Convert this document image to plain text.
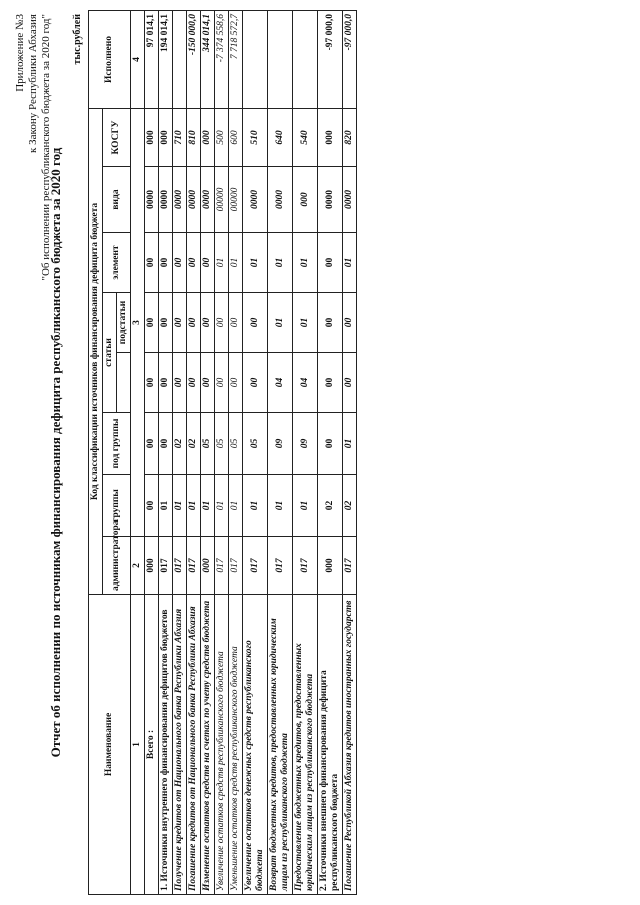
Приложение №3 к Закону Республики Абхазия "Об исполнении республиканского бюджета за 2020 год"
Отчет об исполнении по источникам финансирования дефицита республиканского бюджета за 2020 год
тыс.рублей
Наименование	Код классификации источников финансирования дефицита бюджета								Исполнено
	администратора	группы	под группы	статьи		элемент	вида	КОСГУ	
					подстатьи				
1	2	3							4
Всего :	000	00	00	00	00	00	0000	000	97 014,1
1. Источники внутреннего финансирования дефицитов бюджетов	017	01	00	00	00	00	0000	000	194 014,1
Получение кредитов от Национального банка Республики Абхазия	017	01	02	00	00	00	0000	710	
Погашение кредитов от Национального банка Республики Абхазия	017	01	02	00	00	00	0000	810	-150 000,0
Изменение остатков средств на счетах по учету средств бюджета	000	01	05	00	00	00	0000	000	344 014,1
Увеличение остатков средств республиканского бюджета	017	01	05	00	00	01	00000	500	-7 374 558,6
Уменьшение остатков средств республиканского бюджета	017	01	05	00	00	01	00000	600	7 718 572,7
Увеличение остатков денежных средств республиканского бюджета	017	01	05	00	00	01	0000	510	
Возврат бюджетных кредитов, предоставленных юридическим лицам из республиканского бюджета	017	01	09	04	01	01	0000	640	
Предоставление бюджетных кредитов, предоставленных юридическим лицам из республиканского бюджета	017	01	09	04	01	01	000	540	
2. Источники внешнего финансирования дефицита республиканского бюджета	000	02	00	00	00	00	0000	000	-97 000,0
Погашение Республикой Абхазия кредитов иностранных государств	017	02	01	00	00	01	0000	820	-97 000,0
